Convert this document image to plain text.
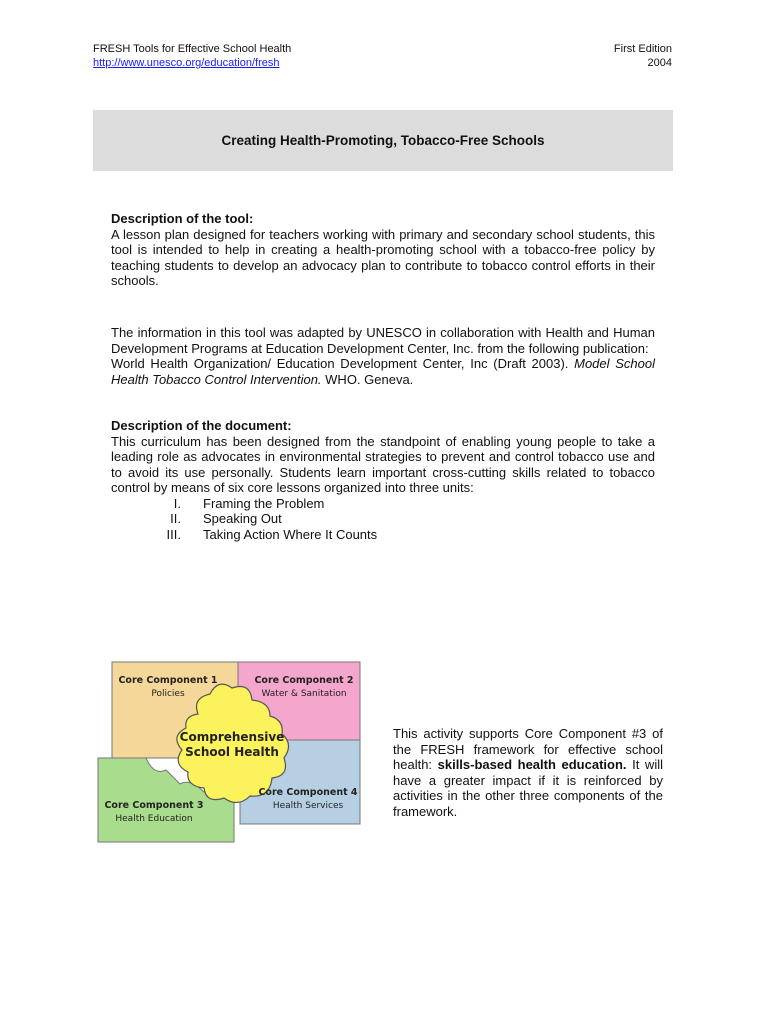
FRESH Tools for Effective School Health
http://www.unesco.org/education/fresh
First Edition
2004
Creating Health-Promoting, Tobacco-Free Schools
Description of the tool:
A lesson plan designed for teachers working with primary and secondary school students, this tool is intended to help in creating a health-promoting school with a tobacco-free policy by teaching students to develop an advocacy plan to contribute to tobacco control efforts in their schools.
The information in this tool was adapted by UNESCO in collaboration with Health and Human Development Programs at Education Development Center, Inc. from the following publication:
World Health Organization/ Education Development Center, Inc (Draft 2003). Model School Health Tobacco Control Intervention. WHO. Geneva.
Description of the document:
This curriculum has been designed from the standpoint of enabling young people to take a leading role as advocates in environmental strategies to prevent and control tobacco use and to avoid its use personally. Students learn important cross-cutting skills related to tobacco control by means of six core lessons organized into three units:
I. Framing the Problem
II. Speaking Out
III. Taking Action Where It Counts
Core Component 1
Policies
Core Component 2
Water & Sanitation
Comprehensive
School Health
Core Component 4
Health Services
Core Component 3
Health Education
This activity supports Core Component #3 of the FRESH framework for effective school health: skills-based health education. It will have a greater impact if it is reinforced by activities in the other three components of the framework.
